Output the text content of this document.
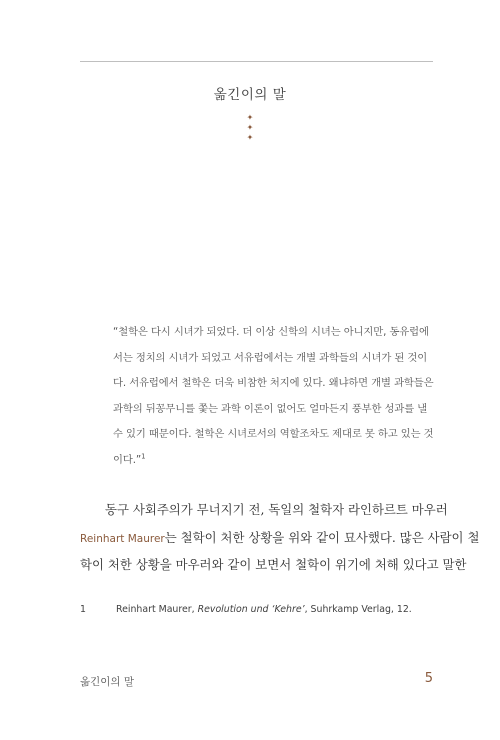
옮긴이의 말
✦
✦
✦
“철학은 다시 시녀가 되었다. 더 이상 신학의 시녀는 아니지만, 동유럽에
서는 정치의 시녀가 되었고 서유럽에서는 개별 과학들의 시녀가 된 것이
다. 서유럽에서 철학은 더욱 비참한 처지에 있다. 왜냐하면 개별 과학들은
과학의 뒤꽁무니를 쫓는 과학 이론이 없어도 얼마든지 풍부한 성과를 낼
수 있기 때문이다. 철학은 시녀로서의 역할조차도 제대로 못 하고 있는 것
이다.”$^1$
동구 사회주의가 무너지기 전, 독일의 철학자 라인하르트 마우러
Reinhart Maurer는 철학이 처한 상황을 위와 같이 묘사했다. 많은 사람이 철
학이 처한 상황을 마우러와 같이 보면서 철학이 위기에 처해 있다고 말한
1	Reinhart Maurer, Revolution und ‘Kehre’, Suhrkamp Verlag, 12.
옮긴이의 말	5
